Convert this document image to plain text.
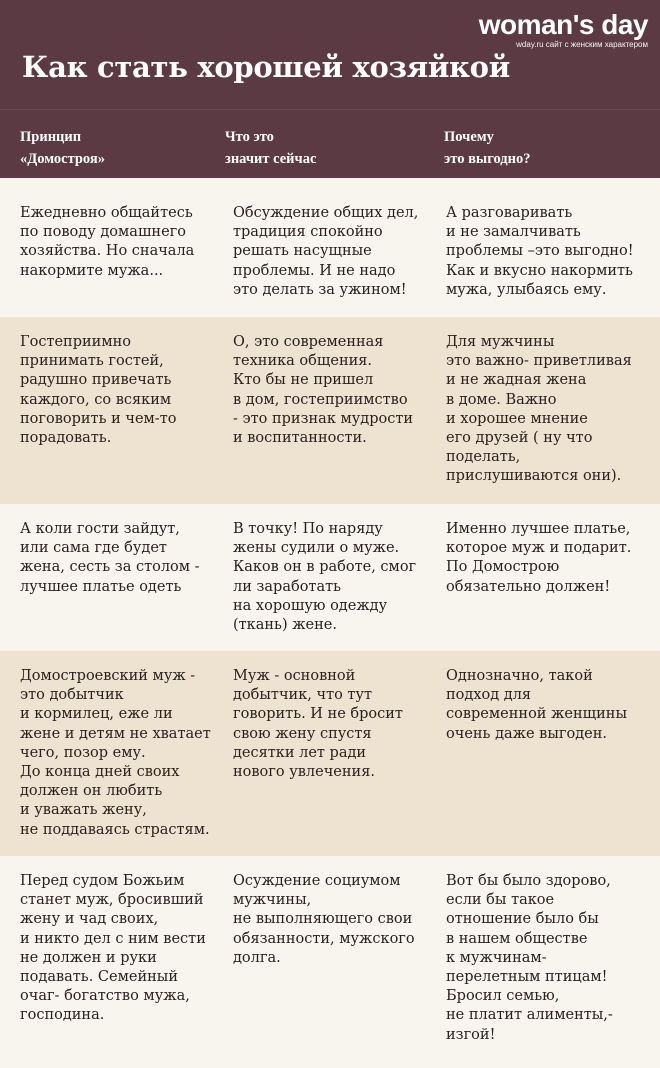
woman's day
wday.ru сайт с женским характером
Как стать хорошей хозяйкой
Принцип
«Домостроя»
Что это
значит сейчас
Почему
это выгодно?
Ежедневно общайтесь
по поводу домашнего
хозяйства. Но сначала
накормите мужа...
Обсуждение общих дел,
традиция спокойно
решать насущные
проблемы. И не надо
это делать за ужином!
А разговаривать
и не замалчивать
проблемы –это выгодно!
Как и вкусно накормить
мужа, улыбаясь ему.
Гостеприимно
принимать гостей,
радушно привечать
каждого, со всяким
поговорить и чем-то
порадовать.
О, это современная
техника общения.
Кто бы не пришел
в дом, гостеприимство
- это признак мудрости
и воспитанности.
Для мужчины
это важно- приветливая
и не жадная жена
в доме. Важно
и хорошее мнение
его друзей ( ну что
поделать,
прислушиваются они).
А коли гости зайдут,
или сама где будет
жена, сесть за столом -
лучшее платье одеть
В точку! По наряду
жены судили о муже.
Каков он в работе, смог
ли заработать
на хорошую одежду
(ткань) жене.
Именно лучшее платье,
которое муж и подарит.
По Домострою
обязательно должен!
Домостроевский муж -
это добытчик
и кормилец, еже ли
жене и детям не хватает
чего, позор ему.
До конца дней своих
должен он любить
и уважать жену,
не поддаваясь страстям.
Муж - основной
добытчик, что тут
говорить. И не бросит
свою жену спустя
десятки лет ради
нового увлечения.
Однозначно, такой
подход для
современной женщины
очень даже выгоден.
Перед судом Божьим
станет муж, бросивший
жену и чад своих,
и никто дел с ним вести
не должен и руки
подавать. Семейный
очаг- богатство мужа,
господина.
Осуждение социумом
мужчины,
не выполняющего свои
обязанности, мужского
долга.
Вот бы было здорово,
если бы такое
отношение было бы
в нашем обществе
к мужчинам-
перелетным птицам!
Бросил семью,
не платит алименты,-
изгой!
